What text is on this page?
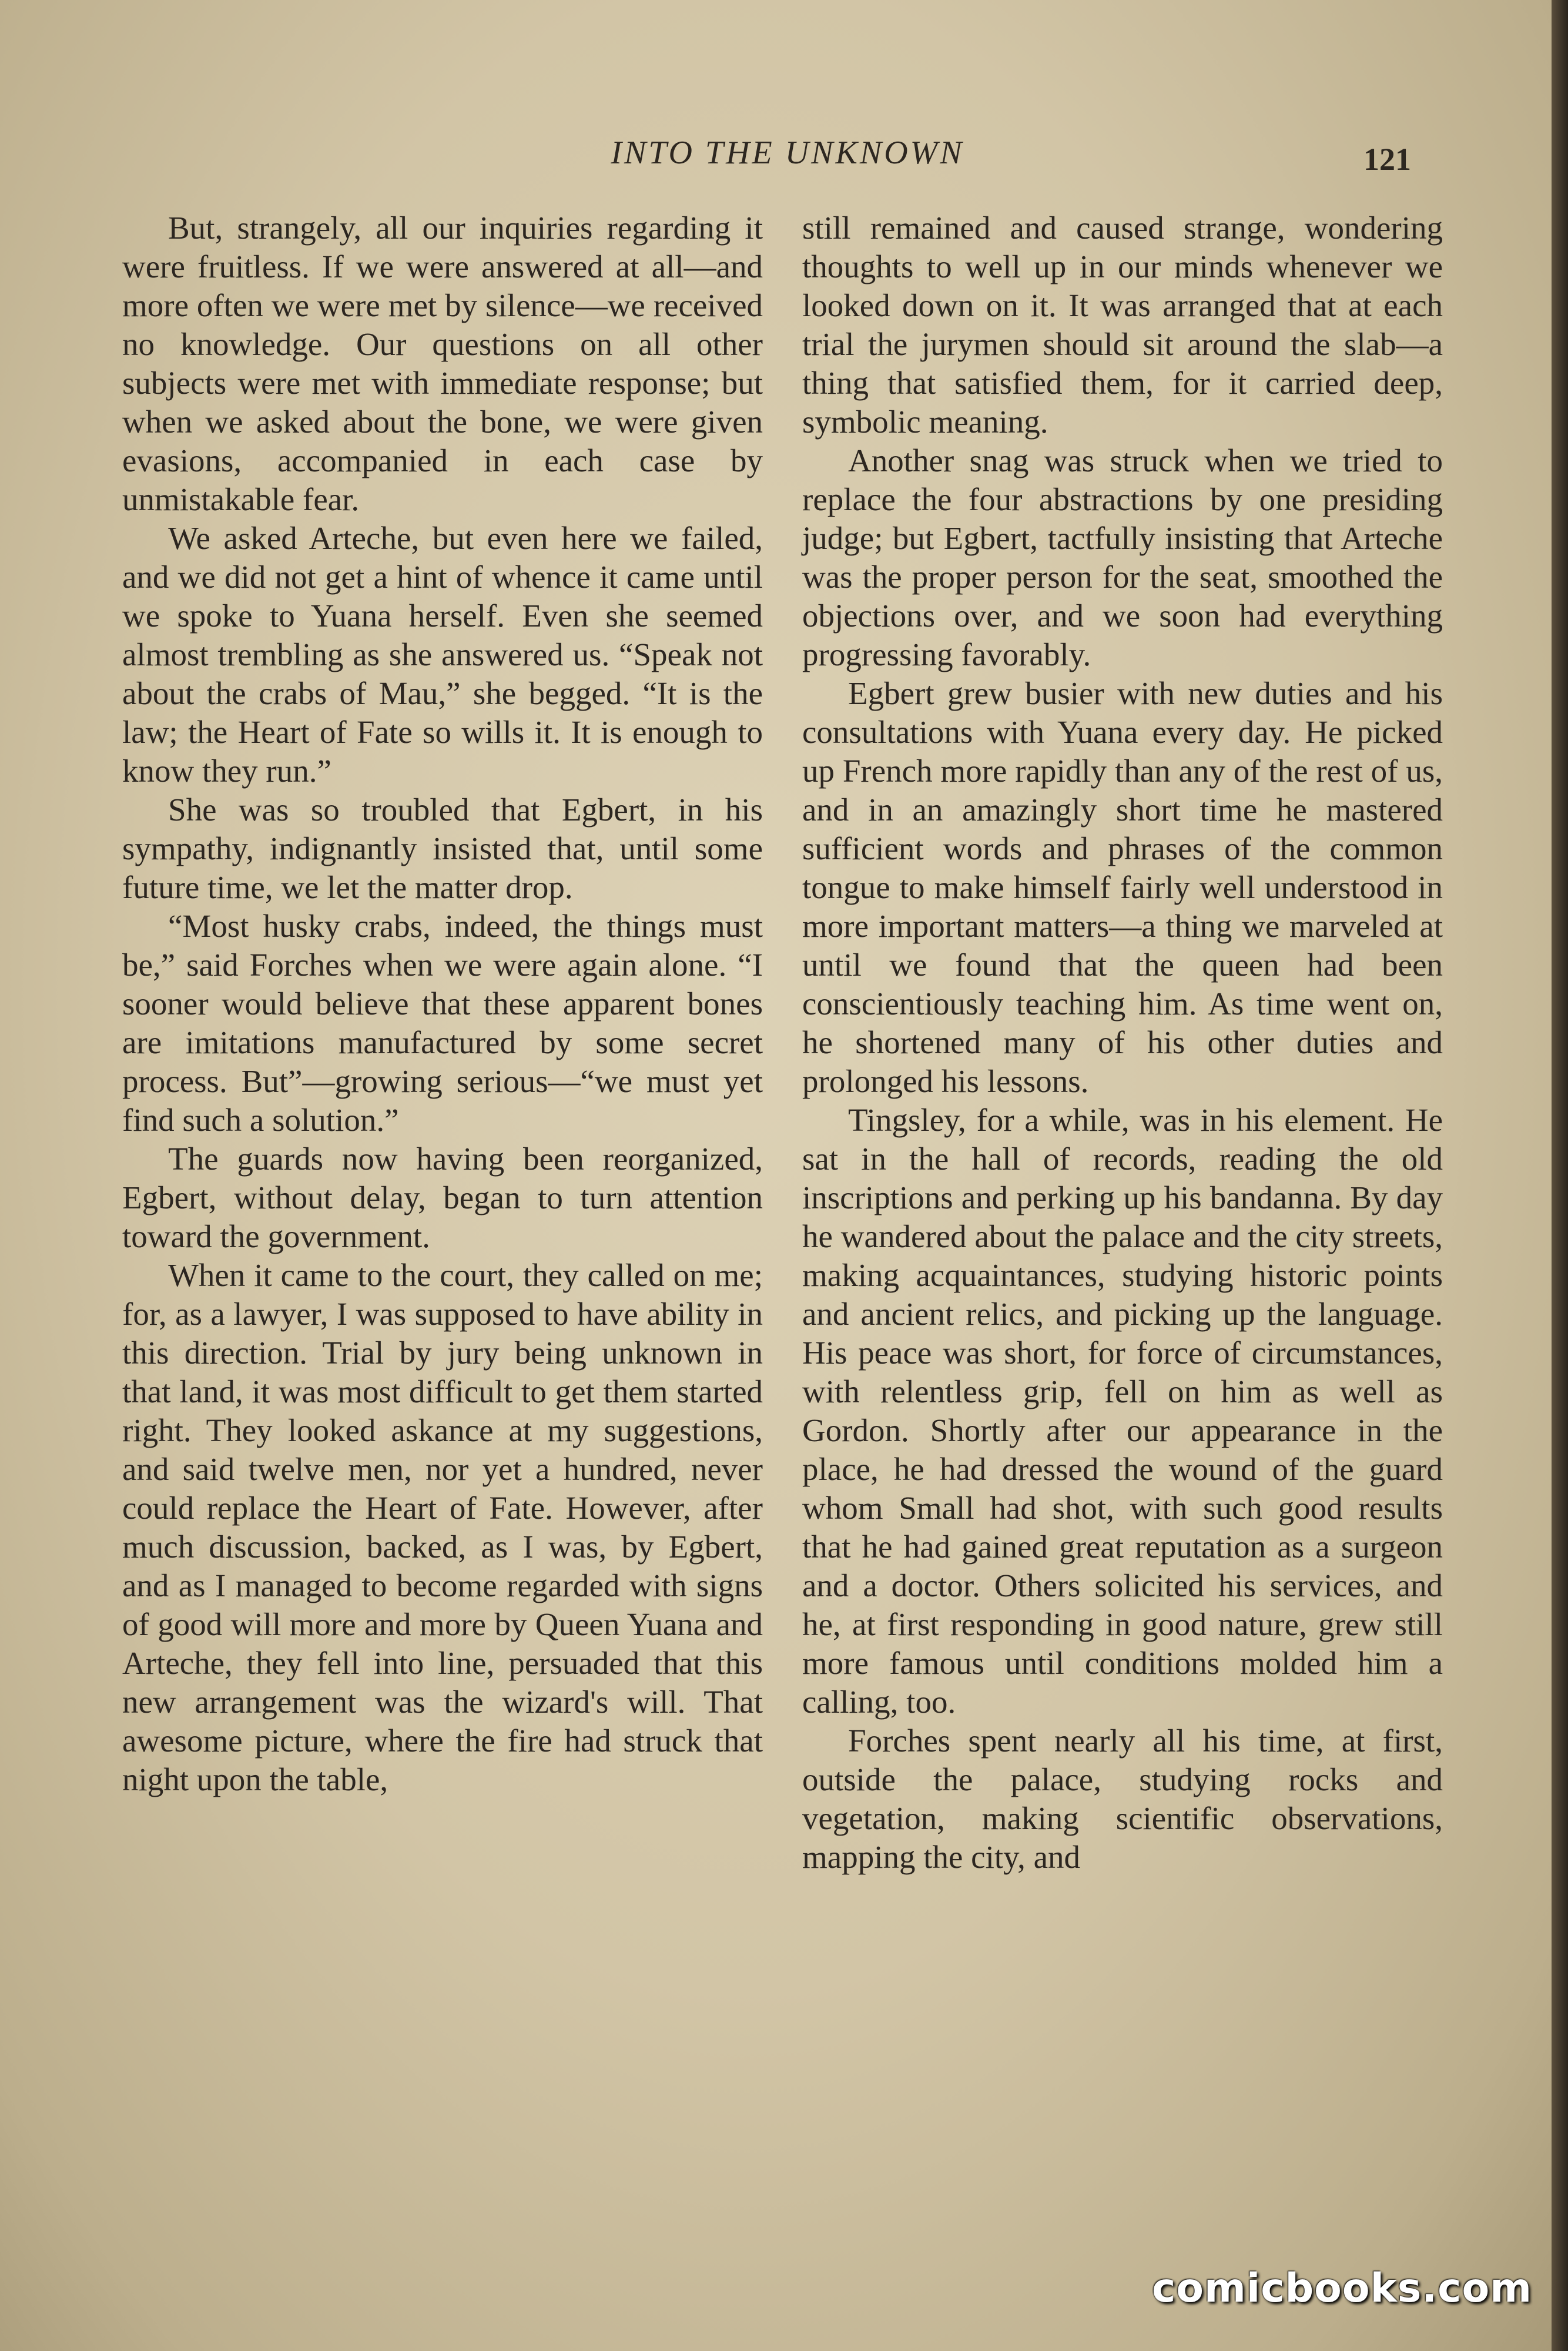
INTO THE UNKNOWN	121

But, strangely, all our inquiries regarding it were fruitless. If we were answered at all—and more often we were met by silence—we received no knowledge. Our questions on all other subjects were met with immediate response; but when we asked about the bone, we were given evasions, accompanied in each case by unmistakable fear.

We asked Arteche, but even here we failed, and we did not get a hint of whence it came until we spoke to Yuana herself. Even she seemed almost trembling as she answered us. “Speak not about the crabs of Mau,” she begged. “It is the law; the Heart of Fate so wills it. It is enough to know they run.”

She was so troubled that Egbert, in his sympathy, indignantly insisted that, until some future time, we let the matter drop.

“Most husky crabs, indeed, the things must be,” said Forches when we were again alone. “I sooner would believe that these apparent bones are imitations manufactured by some secret process. But”—growing serious—“we must yet find such a solution.”

The guards now having been reorganized, Egbert, without delay, began to turn attention toward the government.

When it came to the court, they called on me; for, as a lawyer, I was supposed to have ability in this direction. Trial by jury being unknown in that land, it was most difficult to get them started right. They looked askance at my suggestions, and said twelve men, nor yet a hundred, never could replace the Heart of Fate. However, after much discussion, backed, as I was, by Egbert, and as I managed to become regarded with signs of good will more and more by Queen Yuana and Arteche, they fell into line, persuaded that this new arrangement was the wizard's will. That awesome picture, where the fire had struck that night upon the table,

still remained and caused strange, wondering thoughts to well up in our minds whenever we looked down on it. It was arranged that at each trial the jurymen should sit around the slab—a thing that satisfied them, for it carried deep, symbolic meaning.

Another snag was struck when we tried to replace the four abstractions by one presiding judge; but Egbert, tactfully insisting that Arteche was the proper person for the seat, smoothed the objections over, and we soon had everything progressing favorably.

Egbert grew busier with new duties and his consultations with Yuana every day. He picked up French more rapidly than any of the rest of us, and in an amazingly short time he mastered sufficient words and phrases of the common tongue to make himself fairly well understood in more important matters—a thing we marveled at until we found that the queen had been conscientiously teaching him. As time went on, he shortened many of his other duties and prolonged his lessons.

Tingsley, for a while, was in his element. He sat in the hall of records, reading the old inscriptions and perking up his bandanna. By day he wandered about the palace and the city streets, making acquaintances, studying historic points and ancient relics, and picking up the language. His peace was short, for force of circumstances, with relentless grip, fell on him as well as Gordon. Shortly after our appearance in the place, he had dressed the wound of the guard whom Small had shot, with such good results that he had gained great reputation as a surgeon and a doctor. Others solicited his services, and he, at first responding in good nature, grew still more famous until conditions molded him a calling, too.

Forches spent nearly all his time, at first, outside the palace, studying rocks and vegetation, making scientific observations, mapping the city, and

comicbooks.com
